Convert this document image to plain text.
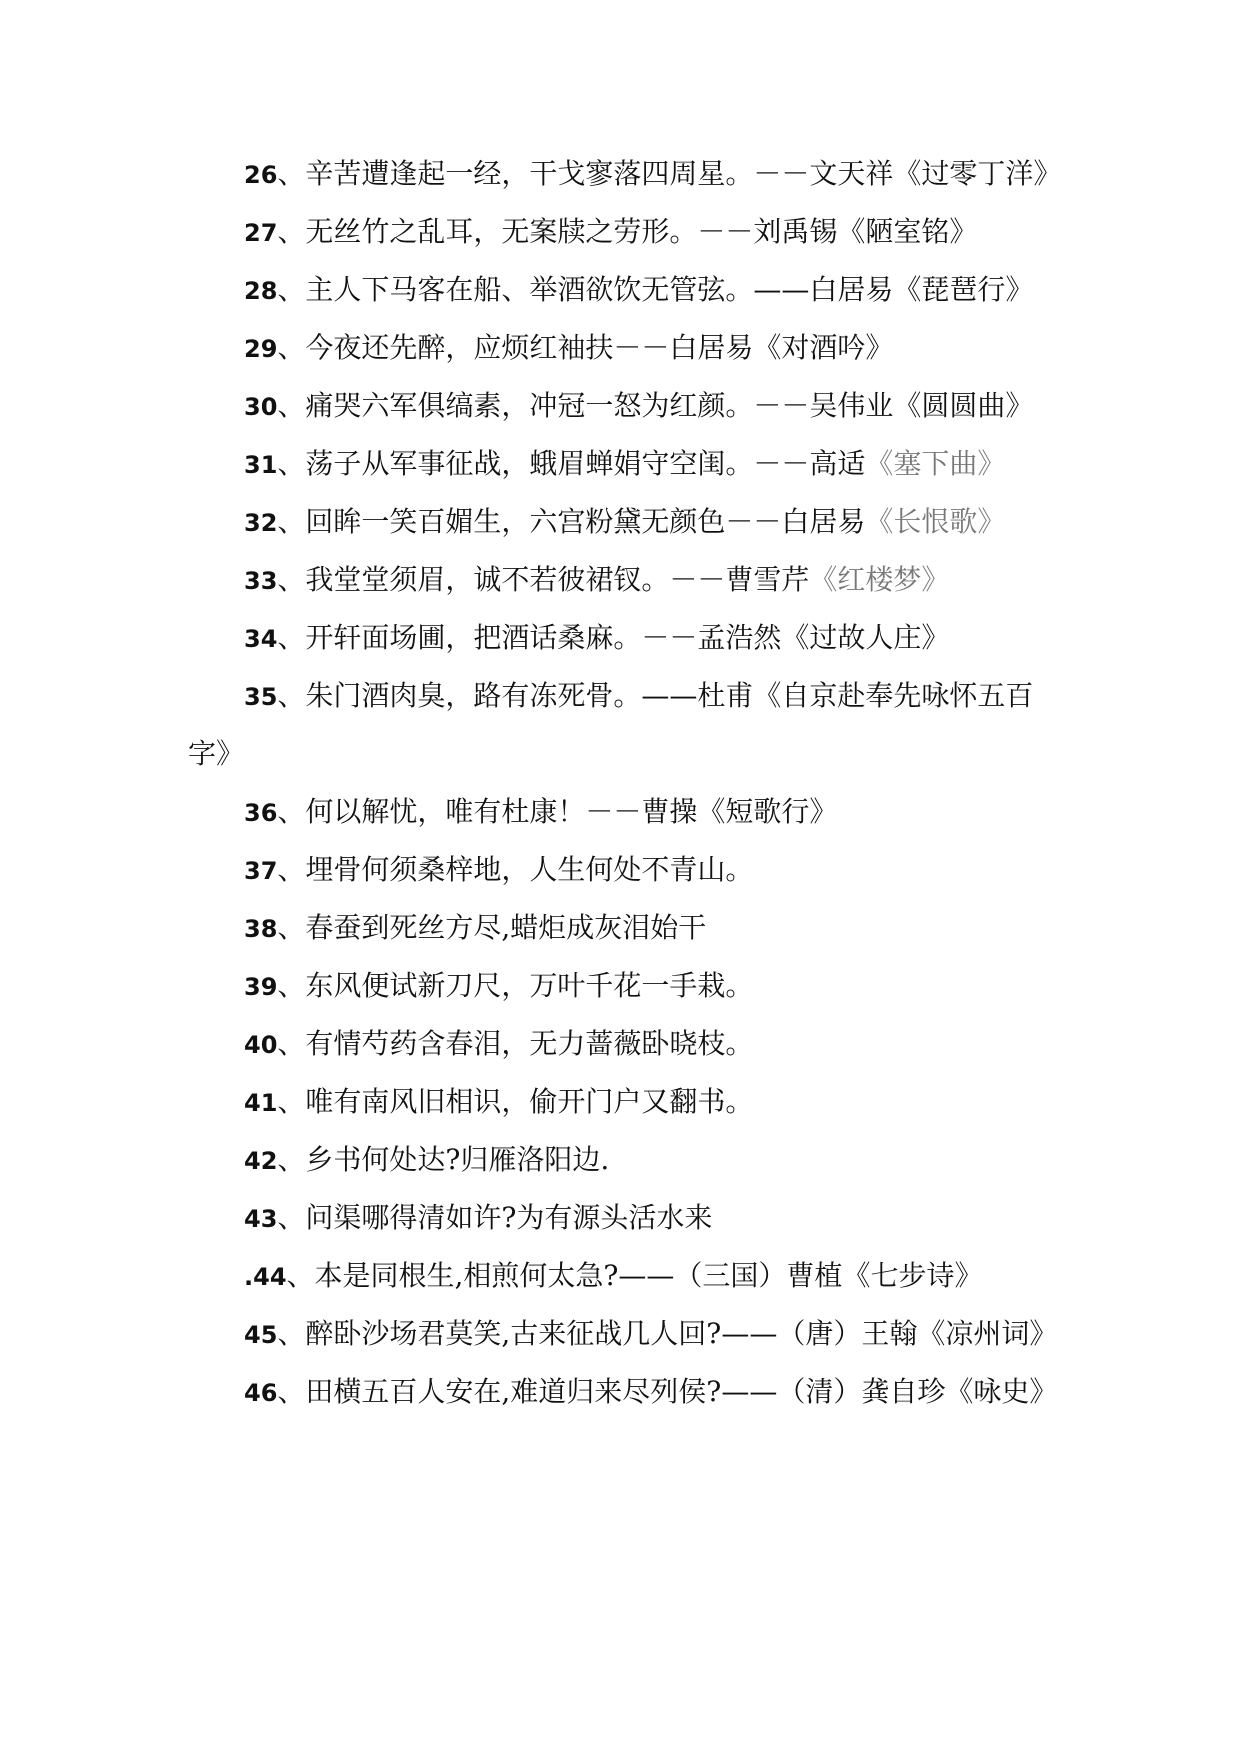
26、辛苦遭逢起一经，干戈寥落四周星。－－文天祥《过零丁洋》
27、无丝竹之乱耳，无案牍之劳形。－－刘禹锡《陋室铭》
28、主人下马客在船、举酒欲饮无管弦。——白居易《琵琶行》
29、今夜还先醉，应烦红袖扶－－白居易《对酒吟》
30、痛哭六军俱缟素，冲冠一怒为红颜。－－吴伟业《圆圆曲》
31、荡子从军事征战，蛾眉蝉娟守空闺。－－高适《塞下曲》
32、回眸一笑百媚生，六宫粉黛无颜色－－白居易《长恨歌》
33、我堂堂须眉，诚不若彼裙钗。－－曹雪芹《红楼梦》
34、开轩面场圃，把酒话桑麻。－－孟浩然《过故人庄》
35、朱门酒肉臭，路有冻死骨。——杜甫《自京赴奉先咏怀五百
字》
36、何以解忧，唯有杜康！－－曹操《短歌行》
37、埋骨何须桑梓地，人生何处不青山。
38、春蚕到死丝方尽,蜡炬成灰泪始干
39、东风便试新刀尺，万叶千花一手栽。
40、有情芍药含春泪，无力蔷薇卧晓枝。
41、唯有南风旧相识，偷开门户又翻书。
42、乡书何处达?归雁洛阳边.
43、问渠哪得清如许?为有源头活水来
.44、本是同根生,相煎何太急?——（三国）曹植《七步诗》
45、醉卧沙场君莫笑,古来征战几人回?——（唐）王翰《凉州词》
46、田横五百人安在,难道归来尽列侯?——（清）龚自珍《咏史》
